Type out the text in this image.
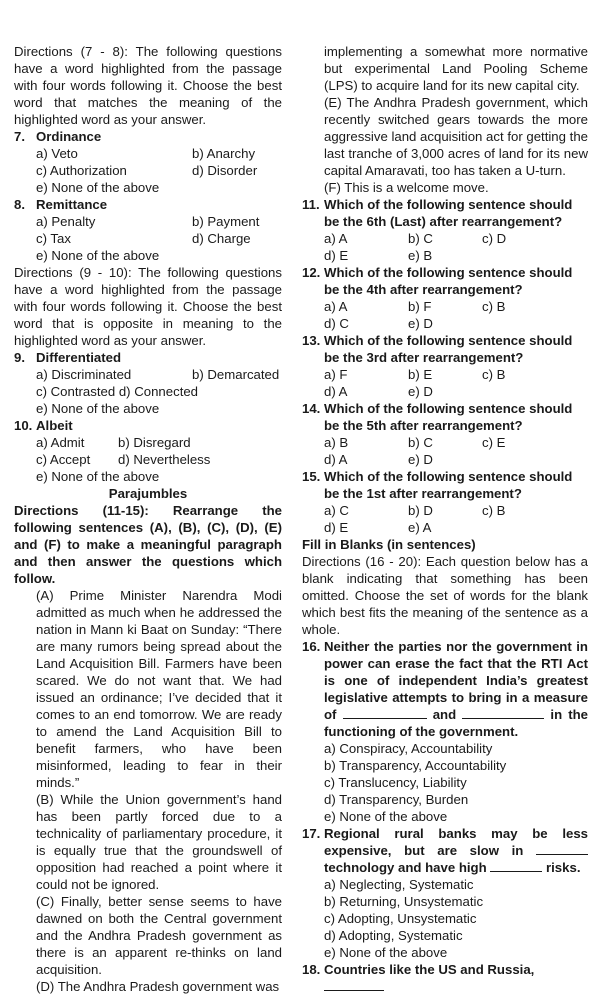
Directions (7 - 8): The following questions have a word highlighted from the passage with four words following it. Choose the best word that matches the meaning of the highlighted word as your answer.

7. Ordinance
a) Veto	b) Anarchy
c) Authorization	d) Disorder
e) None of the above
8. Remittance
a) Penalty	b) Payment
c) Tax	d) Charge
e) None of the above

Directions (9 - 10): The following questions have a word highlighted from the passage with four words following it. Choose the best word that is opposite in meaning to the highlighted word as your answer.

9. Differentiated
a) Discriminated	b) Demarcated
c) Contrasted d) Connected
e) None of the above
10. Albeit
a) Admit	b) Disregard
c) Accept	d) Nevertheless
e) None of the above
Parajumbles

Directions (11-15): Rearrange the following sentences (A), (B), (C), (D), (E) and (F) to make a meaningful paragraph and then answer the questions which follow.

(A) Prime Minister Narendra Modi admitted as much when he addressed the nation in Mann ki Baat on Sunday: “There are many rumors being spread about the Land Acquisition Bill. Farmers have been scared. We do not want that. We had issued an ordinance; I’ve decided that it comes to an end tomorrow. We are ready to amend the Land Acquisition Bill to benefit farmers, who have been misinformed, leading to fear in their minds.”

(B) While the Union government’s hand has been partly forced due to a technicality of parliamentary procedure, it is equally true that the groundswell of opposition had reached a point where it could not be ignored.

(C) Finally, better sense seems to have dawned on both the Central government and the Andhra Pradesh government as there is an apparent re-thinks on land acquisition.

(D) The Andhra Pradesh government was

implementing a somewhat more normative but experimental Land Pooling Scheme (LPS) to acquire land for its new capital city.

(E) The Andhra Pradesh government, which recently switched gears towards the more aggressive land acquisition act for getting the last tranche of 3,000 acres of land for its new capital Amaravati, too has taken a U-turn.

(F) This is a welcome move.

11. Which of the following sentence should be the 6th (Last) after rearrangement?
a) A	b) C	c) D
d) E	e) B
12. Which of the following sentence should be the 4th after rearrangement?
a) A	b) F	c) B
d) C	e) D
13. Which of the following sentence should be the 3rd after rearrangement?
a) F	b) E	c) B
d) A	e) D
14. Which of the following sentence should be the 5th after rearrangement?
a) B	b) C	c) E
d) A	e) D
15. Which of the following sentence should be the 1st after rearrangement?
a) C	b) D	c) B
d) E	e) A
Fill in Blanks (in sentences)

Directions (16 - 20): Each question below has a blank indicating that something has been omitted. Choose the set of words for the blank which best fits the meaning of the sentence as a whole.

16. Neither the parties nor the government in power can erase the fact that the RTI Act is one of independent India’s greatest legislative attempts to bring in a measure of	and	in the functioning of the government.

a) Conspiracy, Accountability
b) Transparency, Accountability
c) Translucency, Liability
d) Transparency, Burden
e) None of the above
17. Regional rural banks may be less expensive, but are slow in  technology and have high	risks.

a) Neglecting, Systematic
b) Returning, Unsystematic
c) Adopting, Unsystematic
d) Adopting, Systematic
e) None of the above
18. Countries like the US and Russia,
